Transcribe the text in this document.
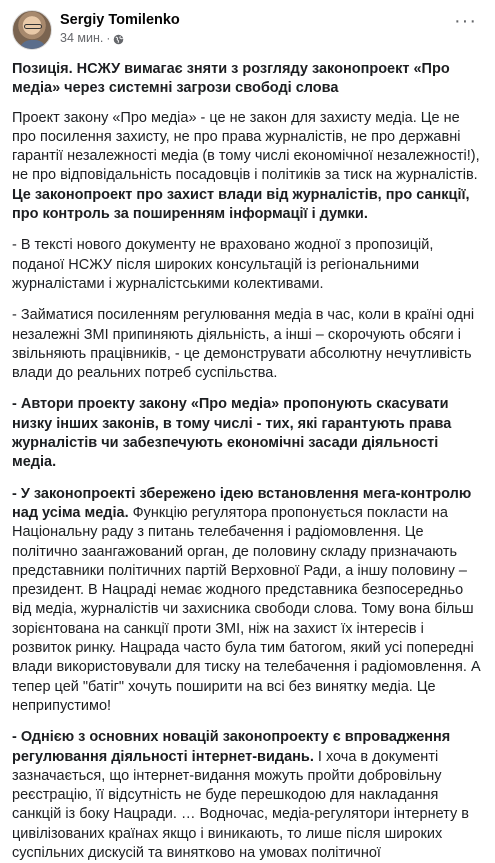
Sergiy Tomilenko
34 мин. ·
···

Позиція. НСЖУ вимагає зняти з розгляду законопроект «Про медіа» через системні загрози свободі слова

Проект закону «Про медіа» - це не закон для захисту медіа. Це не про посилення захисту, не про права журналістів, не про державні гарантії незалежності медіа (в тому числі економічної незалежності!), не про відповідальність посадовців і політиків за тиск на журналістів. Це законопроект про захист влади від журналістів, про санкції, про контроль за поширенням інформації і думки.

- В тексті нового документу не враховано жодної з пропозицій, поданої НСЖУ після широких консультацій із регіональними журналістами і журналістськими колективами.

- Займатися посиленням регулювання медіа в час, коли в країні одні незалежні ЗМІ припиняють діяльність, а інші – скорочують обсяги і звільняють працівників, - це демонструвати абсолютну нечутливість влади до реальних потреб суспільства.

- Автори проекту закону «Про медіа» пропонують скасувати низку інших законів, в тому числі - тих, які гарантують права журналістів чи забезпечують економічні засади діяльності медіа.

- У законопроекті збережено ідею встановлення мега-контролю над усіма медіа. Функцію регулятора пропонується покласти на Національну раду з питань телебачення і радіомовлення. Це політично заангажований орган, де половину складу призначають представники політичних партій Верховної Ради, а іншу половину – президент. В Нацраді немає жодного представника безпосередньо від медіа, журналістів чи захисника свободи слова. Тому вона більш зорієнтована на санкції проти ЗМІ, ніж на захист їх інтересів і розвиток ринку. Нацрада часто була тим батогом, який усі попередні влади використовували для тиску на телебачення і радіомовлення. А тепер цей "батіг" хочуть поширити на всі без винятку медіа. Це неприпустимо!

- Однією з основних новацій законопроекту є впровадження регулювання діяльності інтернет-видань. І хоча в документі зазначається, що інтернет-видання можуть пройти добровільну реєстрацію, її відсутність не буде перешкодою для накладання санкцій із боку Нацради. … Водночас, медіа-регулятори інтернету в цивілізованих країнах якщо і виникають, то лише після широких суспільних дискусій та винятково на умовах політичної
